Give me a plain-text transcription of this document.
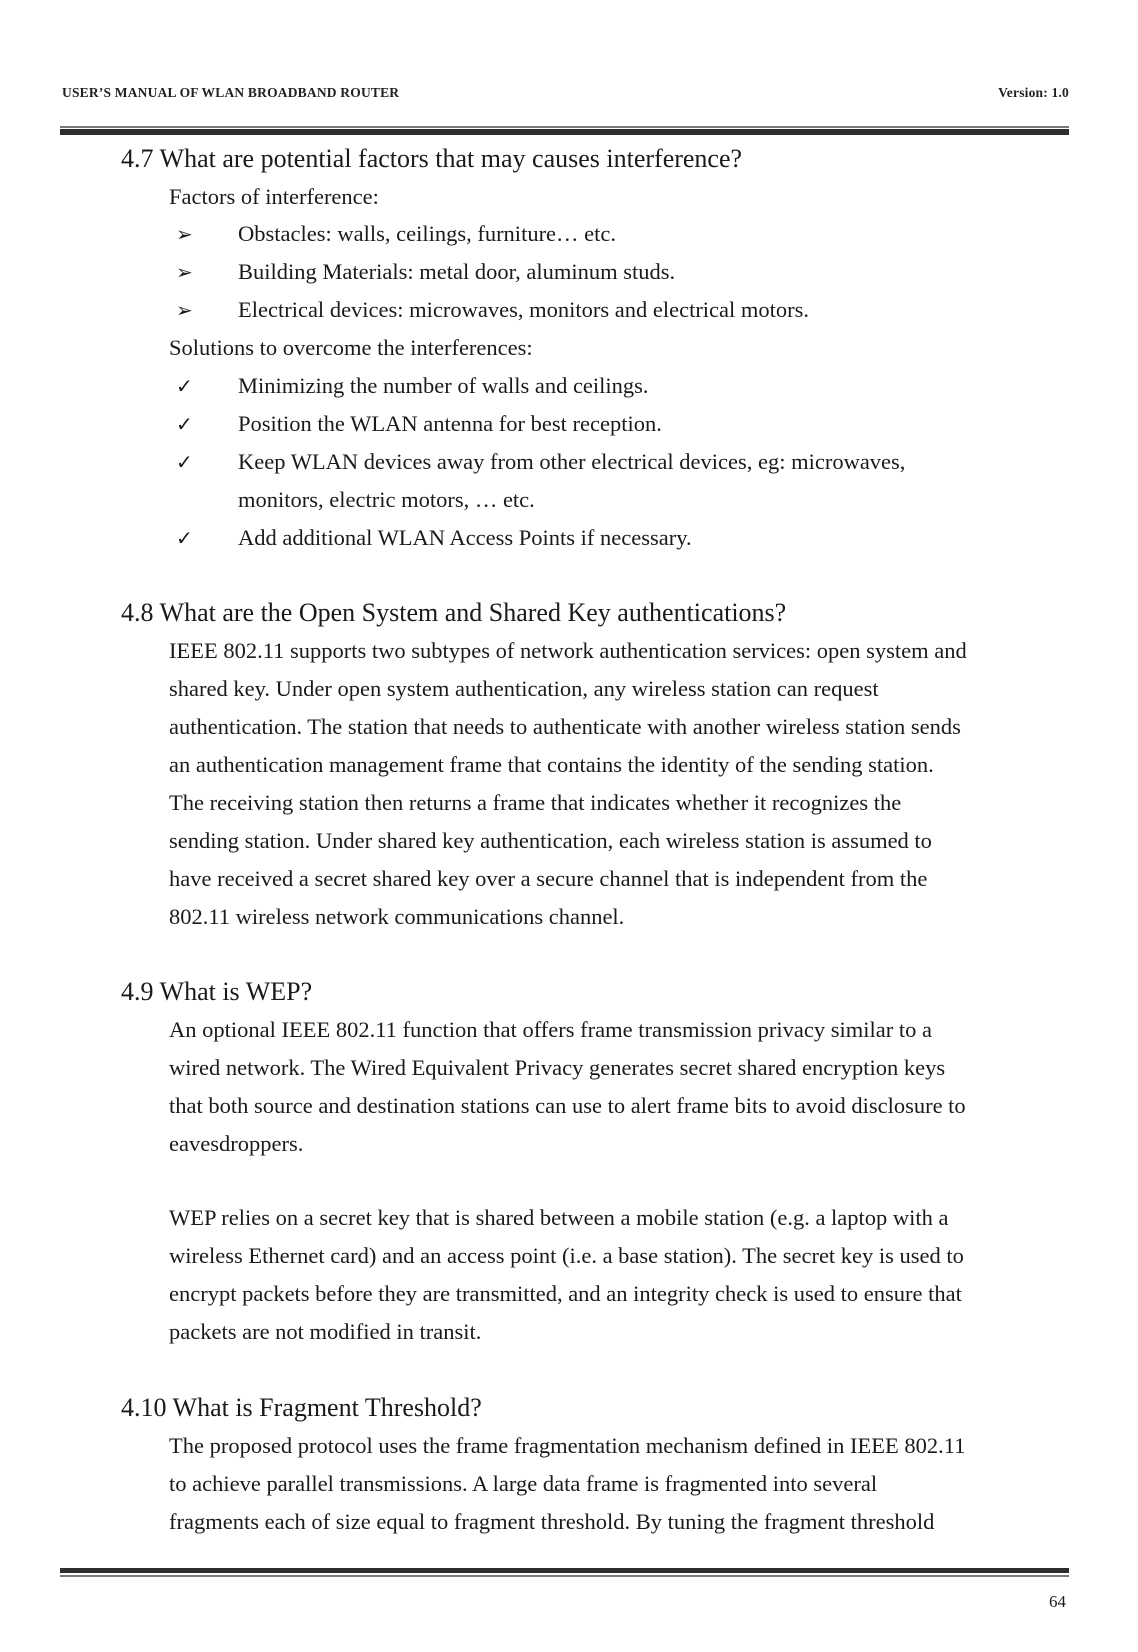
USER’S MANUAL OF WLAN BROADBAND ROUTER	Version: 1.0
4.7 What are potential factors that may causes interference?
Factors of interference:
➢ Obstacles: walls, ceilings, furniture… etc.
➢ Building Materials: metal door, aluminum studs.
➢ Electrical devices: microwaves, monitors and electrical motors.
Solutions to overcome the interferences:
✓ Minimizing the number of walls and ceilings.
✓ Position the WLAN antenna for best reception.
✓ Keep WLAN devices away from other electrical devices, eg: microwaves,
monitors, electric motors, … etc.
✓ Add additional WLAN Access Points if necessary.
4.8 What are the Open System and Shared Key authentications?
IEEE 802.11 supports two subtypes of network authentication services: open system and
shared key. Under open system authentication, any wireless station can request
authentication. The station that needs to authenticate with another wireless station sends
an authentication management frame that contains the identity of the sending station.
The receiving station then returns a frame that indicates whether it recognizes the
sending station. Under shared key authentication, each wireless station is assumed to
have received a secret shared key over a secure channel that is independent from the
802.11 wireless network communications channel.
4.9 What is WEP?
An optional IEEE 802.11 function that offers frame transmission privacy similar to a
wired network. The Wired Equivalent Privacy generates secret shared encryption keys
that both source and destination stations can use to alert frame bits to avoid disclosure to
eavesdroppers.
WEP relies on a secret key that is shared between a mobile station (e.g. a laptop with a
wireless Ethernet card) and an access point (i.e. a base station). The secret key is used to
encrypt packets before they are transmitted, and an integrity check is used to ensure that
packets are not modified in transit.
4.10 What is Fragment Threshold?
The proposed protocol uses the frame fragmentation mechanism defined in IEEE 802.11
to achieve parallel transmissions. A large data frame is fragmented into several
fragments each of size equal to fragment threshold. By tuning the fragment threshold
64
